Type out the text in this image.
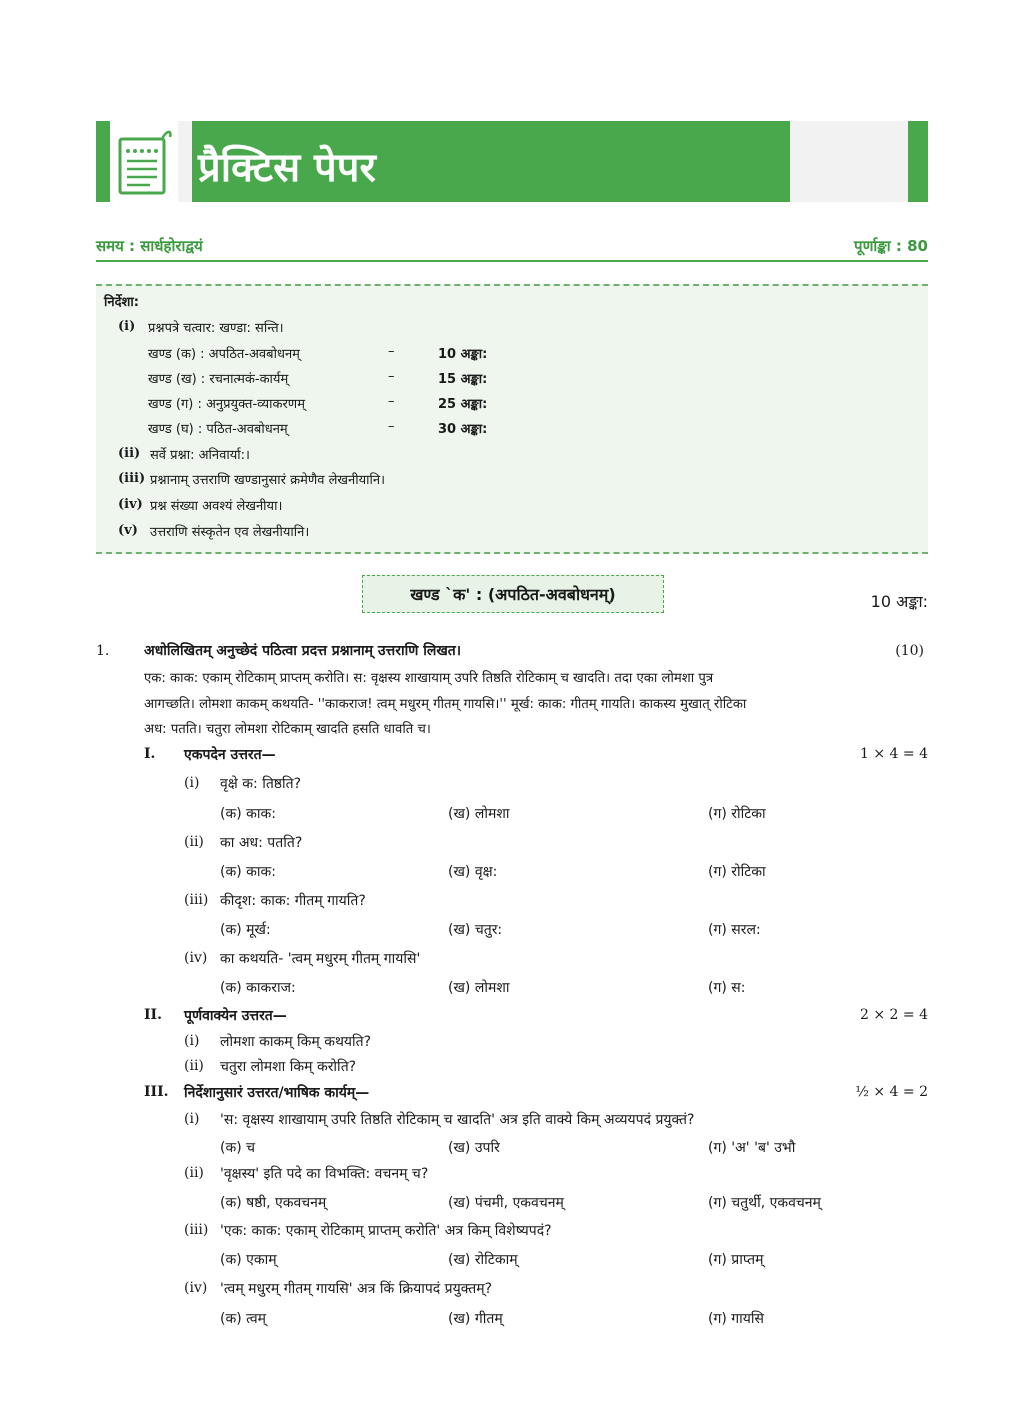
प्रैक्टिस पेपर
समय : सार्धहोराद्वयं	पूर्णाङ्का : 80
निर्देशा:
(i) प्रश्नपत्रे चत्वार: खण्डा: सन्ति।
खण्ड (क) : अपठित-अवबोधनम्	–	10 अङ्का:
खण्ड (ख) : रचनात्मकं-कार्यम्	–	15 अङ्का:
खण्ड (ग) : अनुप्रयुक्त-व्याकरणम्	–	25 अङ्का:
खण्ड (घ) : पठित-अवबोधनम्	–	30 अङ्का:
(ii) सर्वे प्रश्ना: अनिवार्या:।
(iii) प्रश्नानाम् उत्तराणि खण्डानुसारं क्रमेणैव लेखनीयानि।
(iv) प्रश्न संख्या अवश्यं लेखनीया।
(v) उत्तराणि संस्कृतेन एव लेखनीयानि।
खण्ड `क' : (अपठित-अवबोधनम्)	10 अङ्का:
1. अधोलिखितम् अनुच्छेदं पठित्वा प्रदत्त प्रश्नानाम् उत्तराणि लिखत।	(10)
एक: काक: एकाम् रोटिकाम् प्राप्तम् करोति। स: वृक्षस्य शाखायाम् उपरि तिष्ठति रोटिकाम् च खादति। तदा एका लोमशा पुत्र
आगच्छति। लोमशा काकम् कथयति- ''काकराज! त्वम् मधुरम् गीतम् गायसि।'' मूर्ख: काक: गीतम् गायति। काकस्य मुखात् रोटिका
अध: पतति। चतुरा लोमशा रोटिकाम् खादति हसति धावति च।
I. एकपदेन उत्तरत—	1 × 4 = 4
(i) वृक्षे क: तिष्ठति?
(क) काक:	(ख) लोमशा	(ग) रोटिका
(ii) का अध: पतति?
(क) काक:	(ख) वृक्ष:	(ग) रोटिका
(iii) कीदृश: काक: गीतम् गायति?
(क) मूर्ख:	(ख) चतुर:	(ग) सरल:
(iv) का कथयति- 'त्वम् मधुरम् गीतम् गायसि'
(क) काकराज:	(ख) लोमशा	(ग) स:
II. पूर्णवाक्येन उत्तरत—	2 × 2 = 4
(i) लोमशा काकम् किम् कथयति?
(ii) चतुरा लोमशा किम् करोति?
III. निर्देशानुसारं उत्तरत/भाषिक कार्यम्—	½ × 4 = 2
(i) 'स: वृक्षस्य शाखायाम् उपरि तिष्ठति रोटिकाम् च खादति' अत्र इति वाक्ये किम् अव्ययपदं प्रयुक्तं?
(क) च	(ख) उपरि	(ग) 'अ' 'ब' उभौ
(ii) 'वृक्षस्य' इति पदे का विभक्ति: वचनम् च?
(क) षष्ठी, एकवचनम्	(ख) पंचमी, एकवचनम्	(ग) चतुर्थी, एकवचनम्
(iii) 'एक: काक: एकाम् रोटिकाम् प्राप्तम् करोति' अत्र किम् विशेष्यपदं?
(क) एकाम्	(ख) रोटिकाम्	(ग) प्राप्तम्
(iv) 'त्वम् मधुरम् गीतम् गायसि' अत्र किं क्रियापदं प्रयुक्तम्?
(क) त्वम्	(ख) गीतम्	(ग) गायसि
